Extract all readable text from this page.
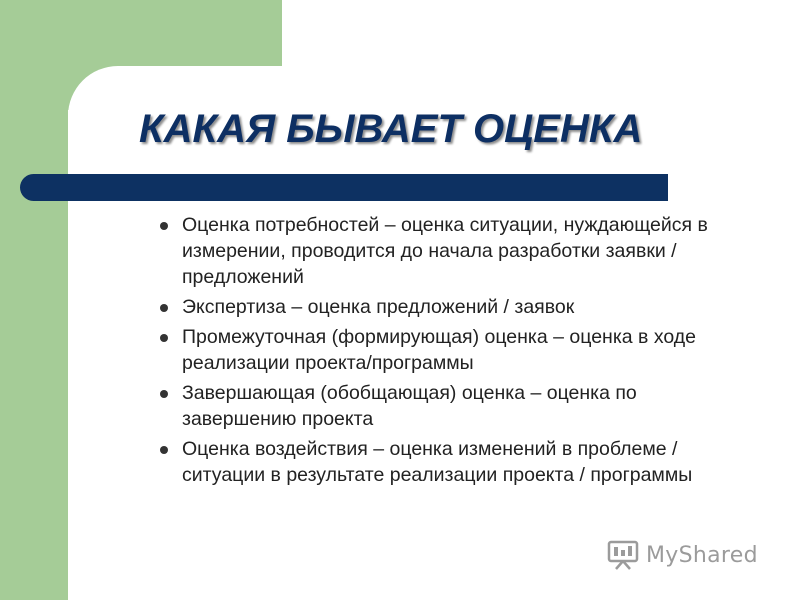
КАКАЯ БЫВАЕТ ОЦЕНКА
Оценка потребностей – оценка ситуации, нуждающейся в измерении, проводится до начала разработки заявки / предложений
Экспертиза – оценка предложений / заявок
Промежуточная (формирующая) оценка – оценка в ходе реализации проекта/программы
Завершающая (обобщающая) оценка – оценка по завершению проекта
Оценка воздействия – оценка изменений в проблеме / ситуации в результате реализации проекта / программы
MyShared
